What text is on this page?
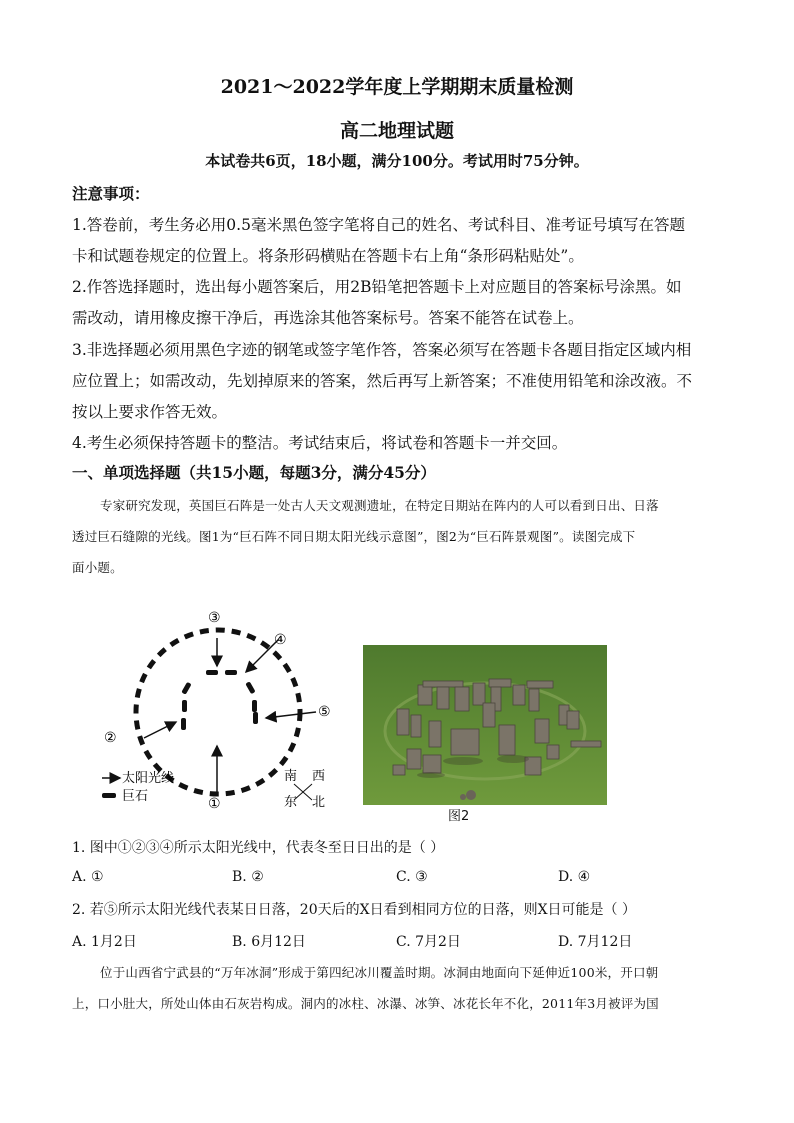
2021～2022学年度上学期期末质量检测
高二地理试题
本试卷共6页，18小题，满分100分。考试用时75分钟。
注意事项：
1.答卷前，考生务必用0.5毫米黑色签字笔将自己的姓名、考试科目、准考证号填写在答题
卡和试题卷规定的位置上。将条形码横贴在答题卡右上角“条形码粘贴处”。
2.作答选择题时，选出每小题答案后，用2B铅笔把答题卡上对应题目的答案标号涂黑。如
需改动，请用橡皮擦干净后，再选涂其他答案标号。答案不能答在试卷上。
3.非选择题必须用黑色字迹的钢笔或签字笔作答，答案必须写在答题卡各题目指定区域内相
应位置上；如需改动，先划掉原来的答案，然后再写上新答案；不准使用铅笔和涂改液。不
按以上要求作答无效。
4.考生必须保持答题卡的整洁。考试结束后，将试卷和答题卡一并交回。
一、单项选择题（共15小题，每题3分，满分45分）
专家研究发现，英国巨石阵是一处古人天文观测遗址，在特定日期站在阵内的人可以看到日出、日落
透过巨石缝隙的光线。图1为“巨石阵不同日期太阳光线示意图”，图2为“巨石阵景观图”。读图完成下
面小题。
③
④
②
⑤
①
太阳光线
巨石
南 西
东 北
图2
1. 图中①②③④所示太阳光线中，代表冬至日日出的是（ ）
A. ①	B. ②	C. ③	D. ④
2. 若⑤所示太阳光线代表某日日落，20天后的X日看到相同方位的日落，则X日可能是（ ）
A. 1月2日	B. 6月12日	C. 7月2日	D. 7月12日
位于山西省宁武县的“万年冰洞”形成于第四纪冰川覆盖时期。冰洞由地面向下延伸近100米，开口朝
上，口小肚大，所处山体由石灰岩构成。洞内的冰柱、冰瀑、冰笋、冰花长年不化，2011年3月被评为国
